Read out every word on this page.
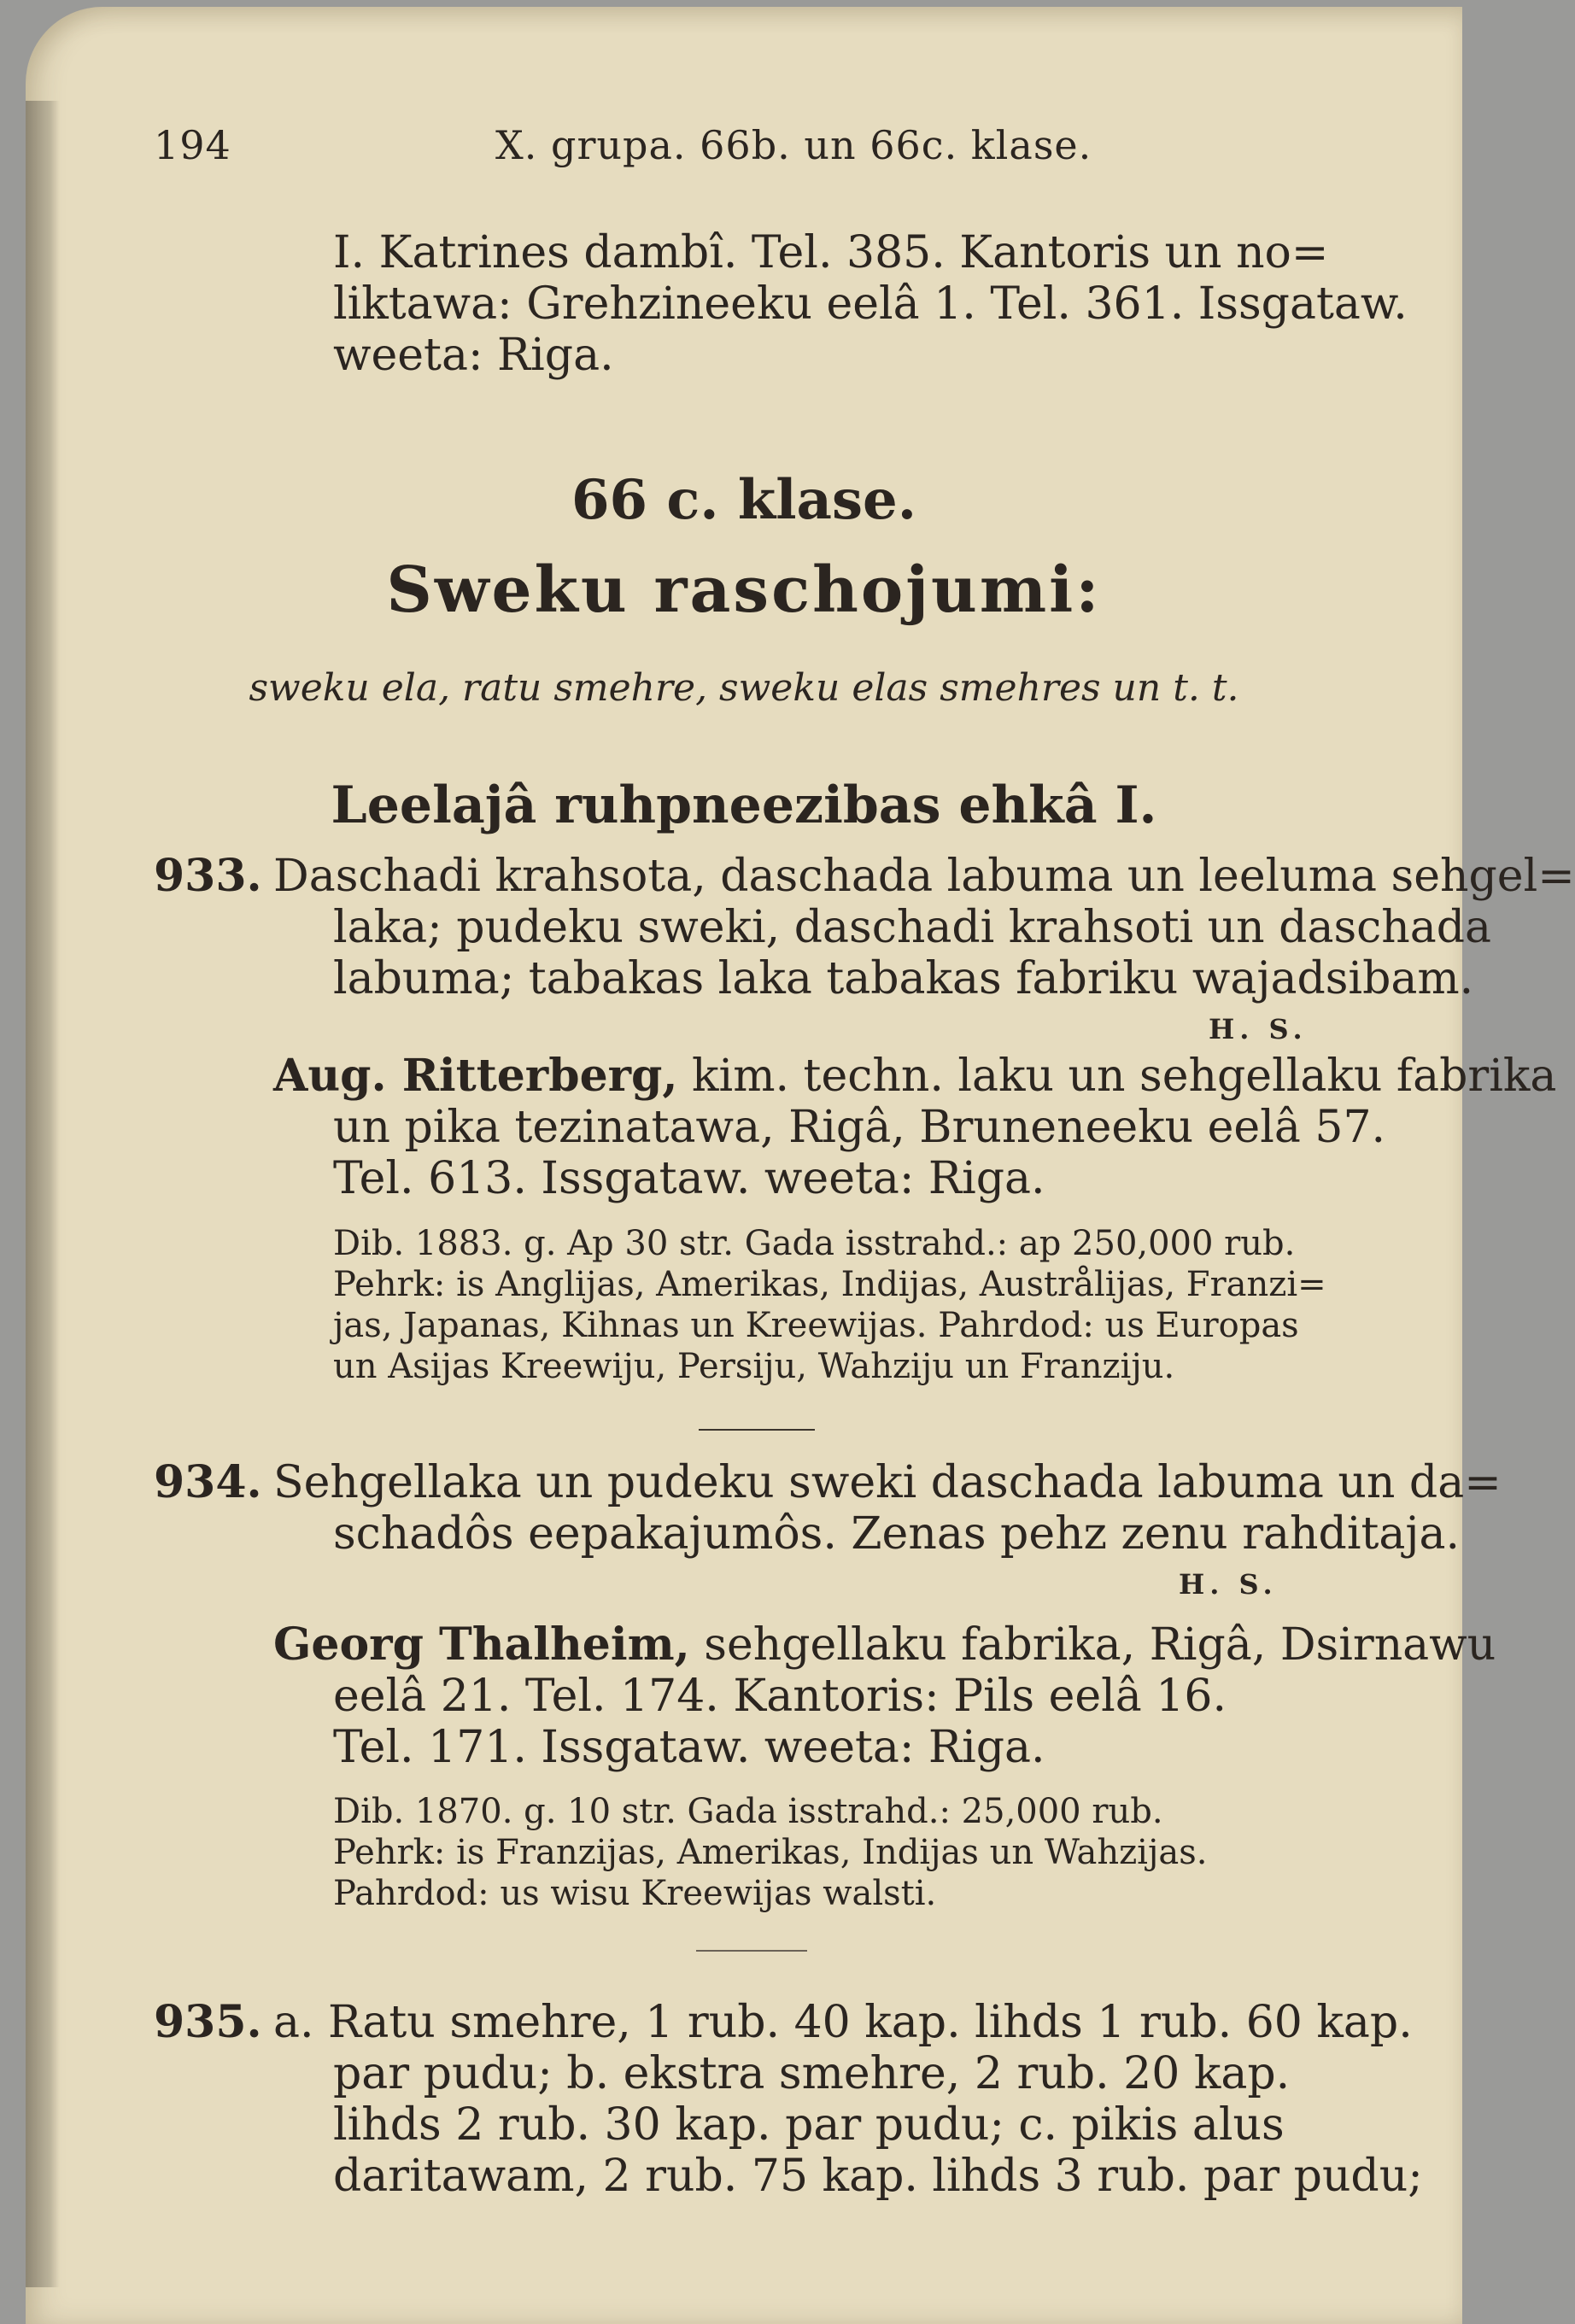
194	X. grupa. 66b. un 66c. klase.
I. Katrines dambî. Tel. 385. Kantoris un no=
liktawa: Grehzineeku eelâ 1. Tel. 361. Issgataw.
weeta: Riga.
66 c. klase.
Sweku raschojumi:
sweku ela, ratu smehre, sweku elas smehres un t. t.
Leelajâ ruhpneezibas ehkâ I.
933. Daschadi krahsota, daschada labuma un leeluma sehgel=
laka; pudeku sweki, daschadi krahsoti un daschada
labuma; tabakas laka tabakas fabriku wajadsibam.
H. S.
Aug. Ritterberg, kim. techn. laku un sehgellaku fabrika
un pika tezinatawa, Rigâ, Bruneneeku eelâ 57.
Tel. 613. Issgataw. weeta: Riga.
Dib. 1883. g. Ap 30 str. Gada isstrahd.: ap 250,000 rub.
Pehrk: is Anglijas, Amerikas, Indijas, Austrålijas, Franzi=
jas, Japanas, Kihnas un Kreewijas. Pahrdod: us Europas
un Asijas Kreewiju, Persiju, Wahziju un Franziju.
934. Sehgellaka un pudeku sweki daschada labuma un da=
schadôs eepakajumôs. Zenas pehz zenu rahditaja.
H. S.
Georg Thalheim, sehgellaku fabrika, Rigâ, Dsirnawu
eelâ 21. Tel. 174. Kantoris: Pils eelâ 16.
Tel. 171. Issgataw. weeta: Riga.
Dib. 1870. g. 10 str. Gada isstrahd.: 25,000 rub.
Pehrk: is Franzijas, Amerikas, Indijas un Wahzijas.
Pahrdod: us wisu Kreewijas walsti.
935. a. Ratu smehre, 1 rub. 40 kap. lihds 1 rub. 60 kap.
par pudu; b. ekstra smehre, 2 rub. 20 kap.
lihds 2 rub. 30 kap. par pudu; c. pikis alus
daritawam, 2 rub. 75 kap. lihds 3 rub. par pudu;
